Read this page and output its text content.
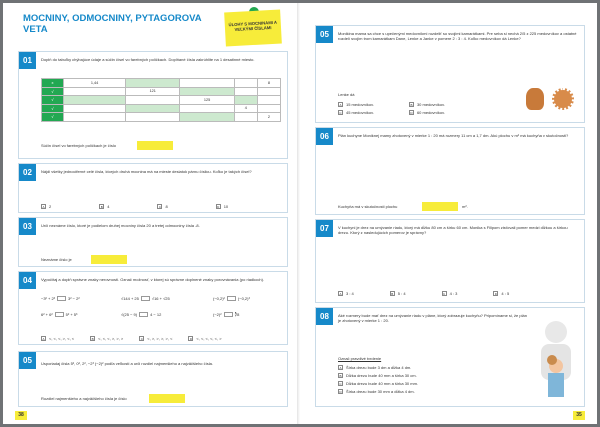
MOCNINY, ODMOCNINY, PYTAGOROVA VETA
ÚLOHY S MOCNINAMI A VEĽKÝMI ČÍSLAMI
01	Doplň do tabuľky chýbajúce údaje a súčin čísel vo farebných políčkach. Doplňané čísla zakrúhlite na 1 desatinné miesto.
x	1,44				8
√		121			
√			125		
√				4	
√					2
Súčin čísel vo farebných políčkach je číslo
02	Nájdi všetky jednociferné celé čísla, ktorých druhá mocnina má na mieste desiatok párnu číslicu. Koľko je takých čísel?
A	2	B	4	C	8	D	10
03	Urči neznáme číslo, ktoré je podielom druhej mocniny čísla 20 a tretej odmocniny čísla -8.
Neznáme číslo je
04	Vypočítaj a doplň správne znaky nerovnosti. Označ možnosť, v ktorej sú správne doplnené znaky porovnávania (po riadkoch).
−3² + 2³	3² − 2²	√144 + 25	√16 + √25	(−0,2)²	(−0,2)³
6² + 6²	5² + 5³	√(25 − 9)	4 − 12	(−2)²	∛8
A	<, <, <, >, <, <	B	<, <, <, >, >, >	C	<, >, >, >, >, <	D	<, <, <, <, <, >
05	Usporiadaj čísla 5², 0², 2², −2³ (−2)² podľa veľkosti a urči rozdiel najmenšieho a najväčšieho čísla.
Rozdiel najmenšieho a najväčšieho čísla je číslo
38
05	Monikina mama sa chce s upečenými medovníkmi rozdeliť so svojimi kamarátkami. Pre seba si nechá 2/5 z 225 medovníkov a ostatné rozdelí svojim trom kamarátkam Dane, Lenke a Janke v pomere 2 : 3 : 4. Koľko medovníkov dá Lenke?
Lenke dá
A	15 medovníkov.	B	30 medovníkov.
C	45 medovníkov.	D	60 medovníkov.
06	Plán kuchyne Moniknej mamy zhotovený v mierke 1 : 20 má rozmery 11 cm a 1,7 dm. Akú plochu v m² má kuchyňa v skutočnosti?
Kuchyňa má v skutočnosti plochu	m².
07	V kuchyni je drez na umývanie riadu, ktorý má dĺžku 80 cm a šírku 60 cm. Monika s Filipom zisťovali pomer medzi dĺžkou a šírkou drezu. Ktorý z nasledujúcich pomerov je správny?
A	3 : 4	B	5 : 4	C	4 : 3	D	4 : 5
08	Aké rozmery bude mať drez na umývanie riadu v pláne, ktorý zobrazuje kuchyňu? Pripomíname si, že plán je zhotovený v mierke 1 : 20.
Označ pravdivé tvrdenie
A	Šírka drezu bude 3 dm a dĺžka 4 dm.
B	Dĺžka drezu bude 40 mm a šírka 30 cm.
C	Dĺžka drezu bude 40 mm a šírka 30 mm.
D	Šírka drezu bude 30 mm a dĺžka 4 dm.
35
